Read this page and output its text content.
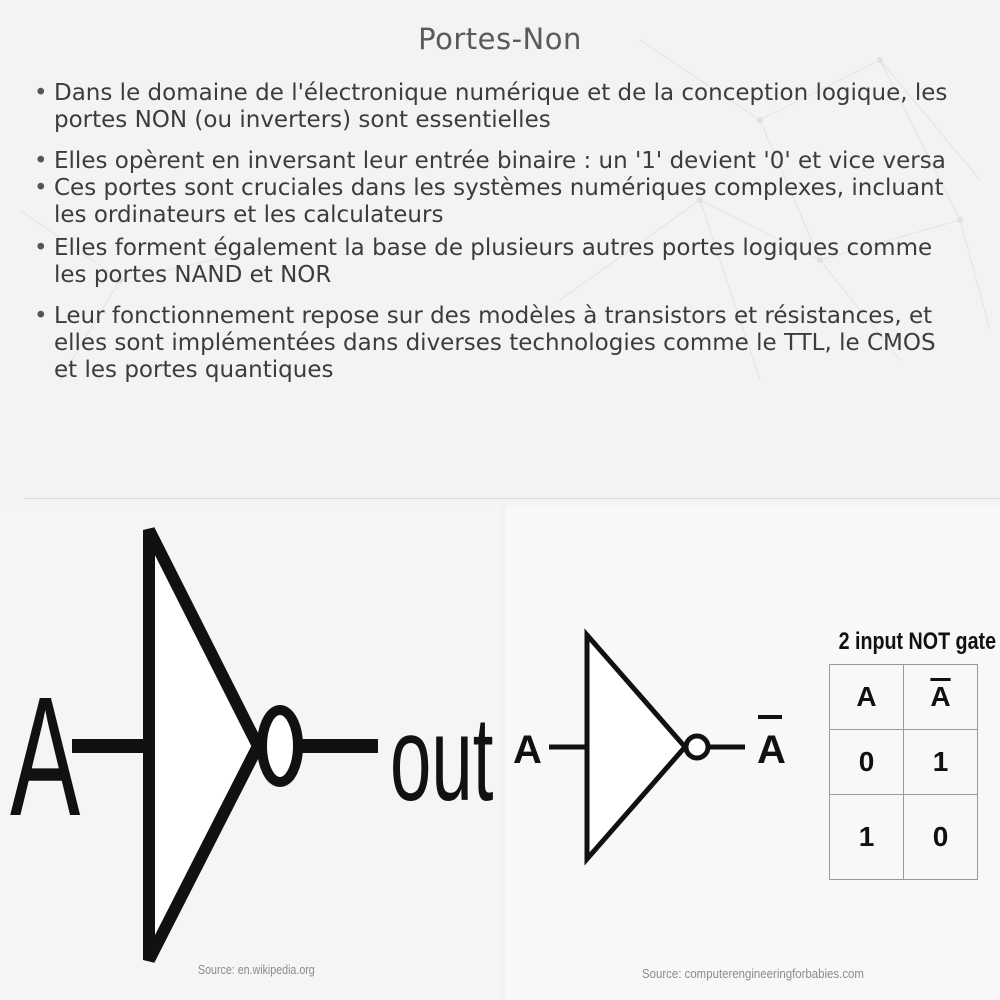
Portes-Non
• Dans le domaine de l'électronique numérique et de la conception logique, les portes NON (ou inverters) sont essentielles
• Elles opèrent en inversant leur entrée binaire : un '1' devient '0' et vice versa
• Ces portes sont cruciales dans les systèmes numériques complexes, incluant les ordinateurs et les calculateurs
• Elles forment également la base de plusieurs autres portes logiques comme les portes NAND et NOR
• Leur fonctionnement repose sur des modèles à transistors et résistances, et elles sont implémentées dans diverses technologies comme le TTL, le CMOS et les portes quantiques
A	out
Source: en.wikipedia.org
A	A
2 input NOT gate
A	$\overline{A}$
0	1
1	0
Source: computerengineeringforbabies.com
